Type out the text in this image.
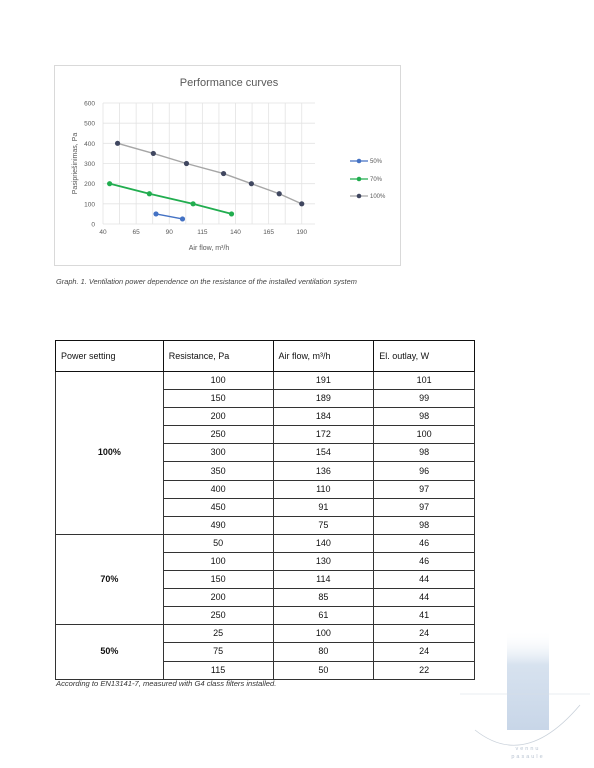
0
100
200
300
400
500
600
40	65	90	115	140	165	190
Performance curves
Air flow, m³/h
Pasipriešinimas, Pa	50%
70%
100%
Graph. 1. Ventilation power dependence on the resistance of the installed ventilation system
Power setting	Resistance, Pa	Air flow, m³/h	El. outlay, W
100%	100	191	101
	150	189	99
	200	184	98
	250	172	100
	300	154	98
	350	136	96
	400	110	97
	450	91	97
	490	75	98
70%	50	140	46
	100	130	46
	150	114	44
	200	85	44
	250	61	41
50%	25	100	24
	75	80	24
	115	50	22
According to EN13141-7, measured with G4 class filters installed.
vennu
pasaule
